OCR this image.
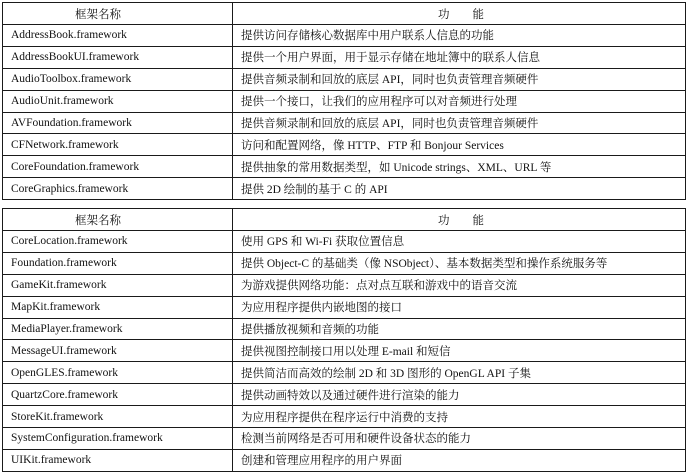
框架名称	功　　能
AddressBook.framework	提供访问存储核心数据库中用户联系人信息的功能
AddressBookUI.framework	提供一个用户界面，用于显示存储在地址簿中的联系人信息
AudioToolbox.framework	提供音频录制和回放的底层 API，同时也负责管理音频硬件
AudioUnit.framework	提供一个接口，让我们的应用程序可以对音频进行处理
AVFoundation.framework	提供音频录制和回放的底层 API，同时也负责管理音频硬件
CFNetwork.framework	访问和配置网络，像 HTTP、FTP 和 Bonjour Services
CoreFoundation.framework	提供抽象的常用数据类型，如 Unicode strings、XML、URL 等
CoreGraphics.framework	提供 2D 绘制的基于 C 的 API
框架名称	功　　能
CoreLocation.framework	使用 GPS 和 Wi-Fi 获取位置信息
Foundation.framework	提供 Object-C 的基础类（像 NSObject）、基本数据类型和操作系统服务等
GameKit.framework	为游戏提供网络功能：点对点互联和游戏中的语音交流
MapKit.framework	为应用程序提供内嵌地图的接口
MediaPlayer.framework	提供播放视频和音频的功能
MessageUI.framework	提供视图控制接口用以处理 E-mail 和短信
OpenGLES.framework	提供简洁而高效的绘制 2D 和 3D 图形的 OpenGL API 子集
QuartzCore.framework	提供动画特效以及通过硬件进行渲染的能力
StoreKit.framework	为应用程序提供在程序运行中消费的支持
SystemConfiguration.framework	检测当前网络是否可用和硬件设备状态的能力
UIKit.framework	创建和管理应用程序的用户界面
